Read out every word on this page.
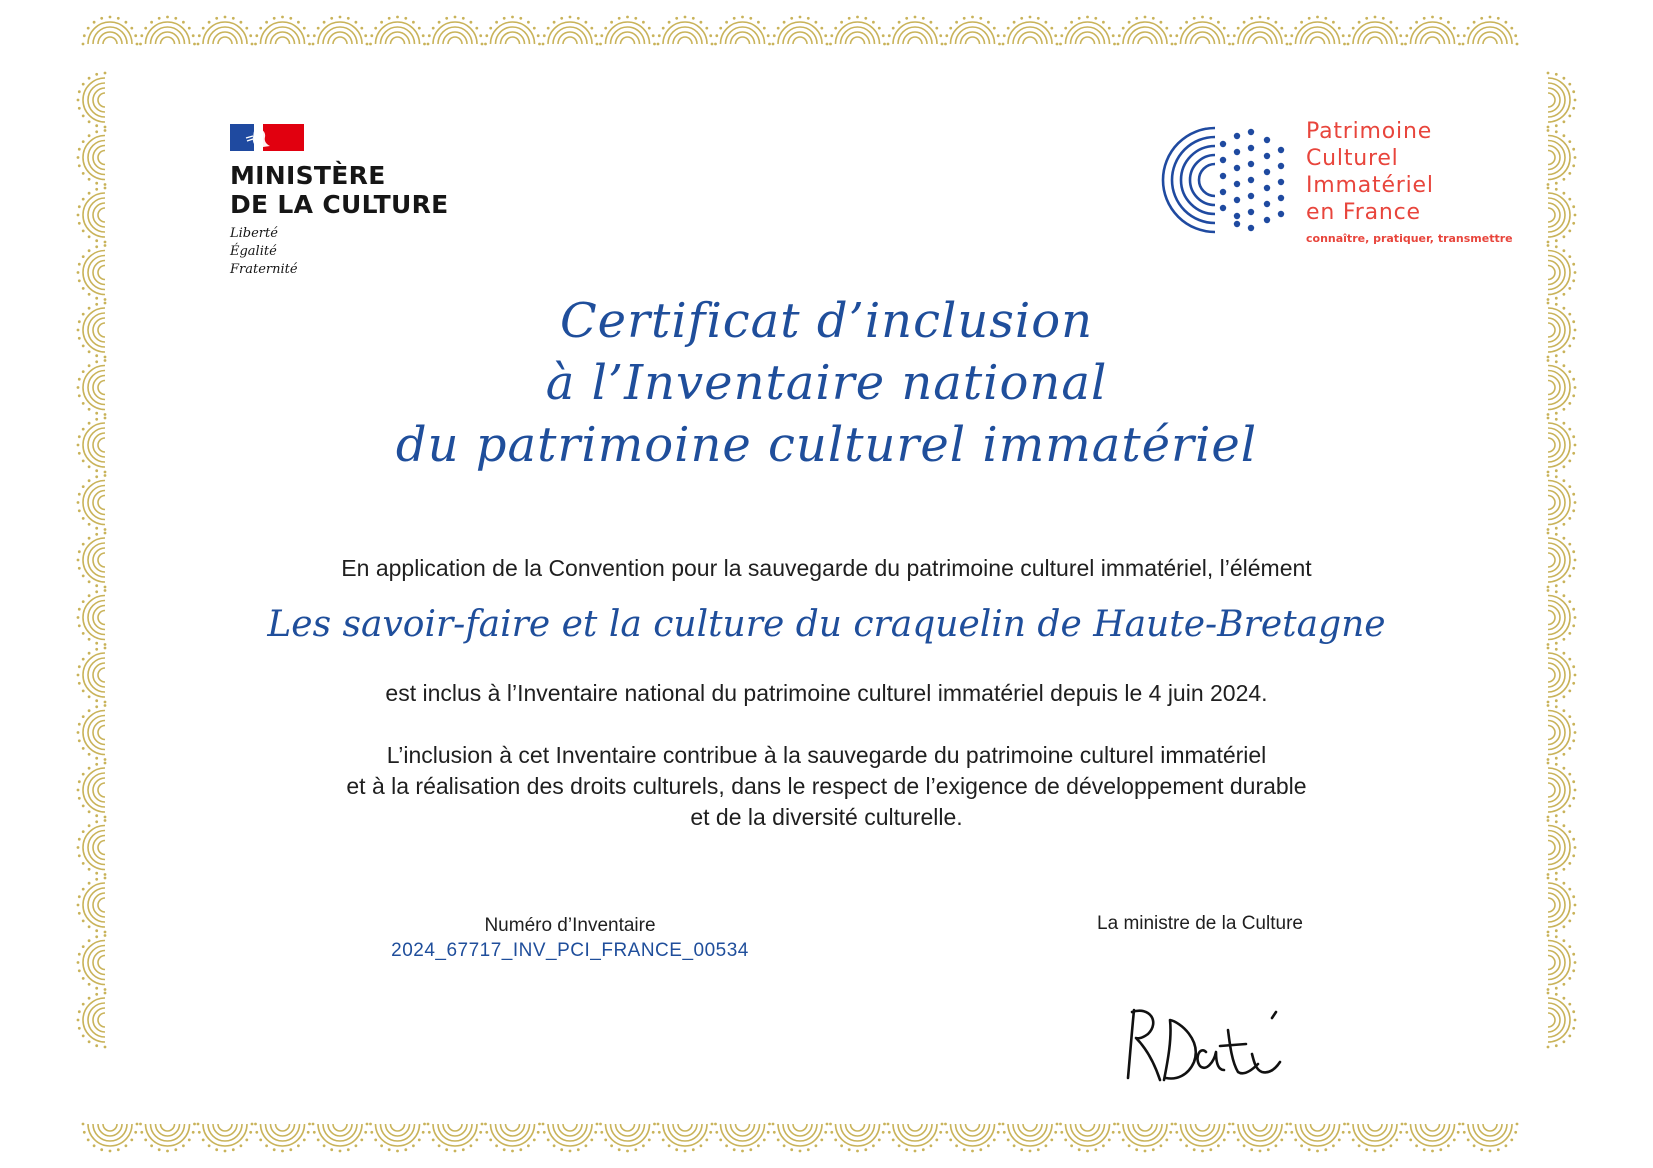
MINISTÈRE
DE LA CULTURE
Liberté
Égalité
Fraternité
Patrimoine
Culturel
Immatériel
en France
connaître, pratiquer, transmettre
Certificat d’inclusion
à l’Inventaire national
du patrimoine culturel immatériel
En application de la Convention pour la sauvegarde du patrimoine culturel immatériel, l’élément
Les savoir-faire et la culture du craquelin de Haute-Bretagne
est inclus à l’Inventaire national du patrimoine culturel immatériel depuis le 4 juin 2024.
L’inclusion à cet Inventaire contribue à la sauvegarde du patrimoine culturel immatériel
et à la réalisation des droits culturels, dans le respect de l’exigence de développement durable
et de la diversité culturelle.
Numéro d’Inventaire
2024_67717_INV_PCI_FRANCE_00534
La ministre de la Culture
